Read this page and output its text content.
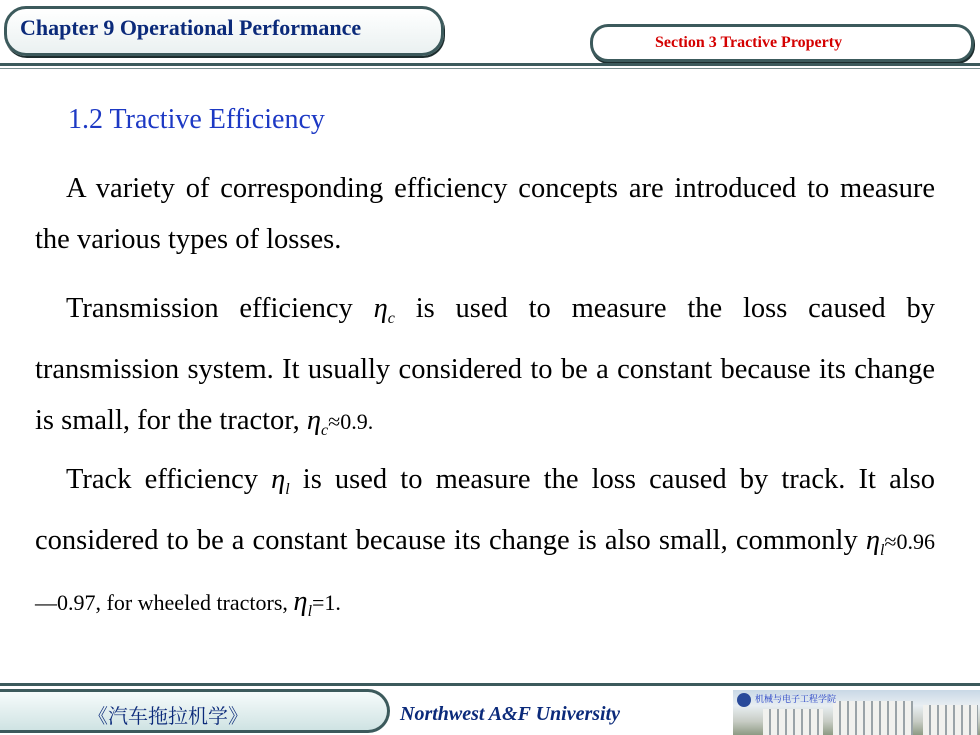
Chapter 9 Operational Performance
Section 3 Tractive Property
1.2 Tractive Efficiency
A variety of corresponding efficiency concepts are introduced to measure the various types of losses.
Transmission efficiency $\eta_c$ is used to measure the loss caused by transmission system. It usually considered to be a constant because its change is small, for the tractor, $\eta_c\approx 0.9$.
Track efficiency $\eta_l$ is used to measure the loss caused by track. It also considered to be a constant because its change is also small, commonly $\eta_l\approx 0.96—0.97$, for wheeled tractors, $\eta_l=1$.
《汽车拖拉机学》	Northwest A&F University
机械与电子工程学院
